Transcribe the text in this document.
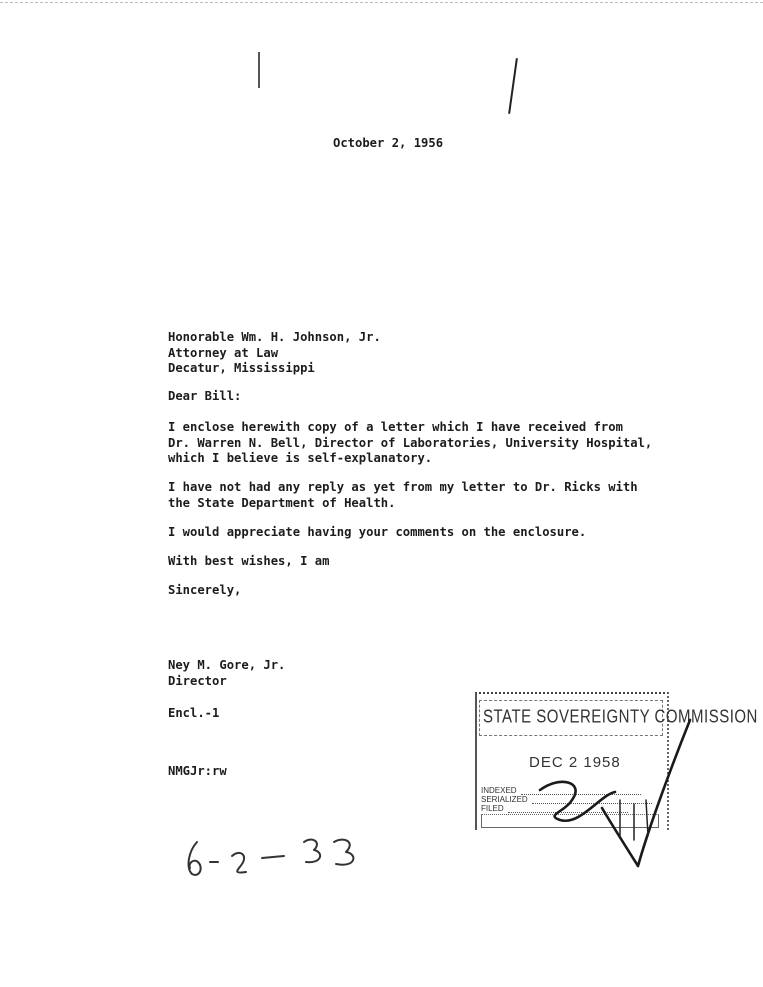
October 2, 1956
Honorable Wm. H. Johnson, Jr.
Attorney at Law
Decatur, Mississippi
Dear Bill:
I enclose herewith copy of a letter which I have received from
Dr. Warren N. Bell, Director of Laboratories, University Hospital,
which I believe is self-explanatory.
I have not had any reply as yet from my letter to Dr. Ricks with
the State Department of Health.
I would appreciate having your comments on the enclosure.
With best wishes, I am
Sincerely,
Ney M. Gore, Jr.
Director
Encl.-1
NMGJr:rw
STATE SOVEREIGNTY COMMISSION
DEC 2 1958
INDEXED
SERIALIZED
FILED
